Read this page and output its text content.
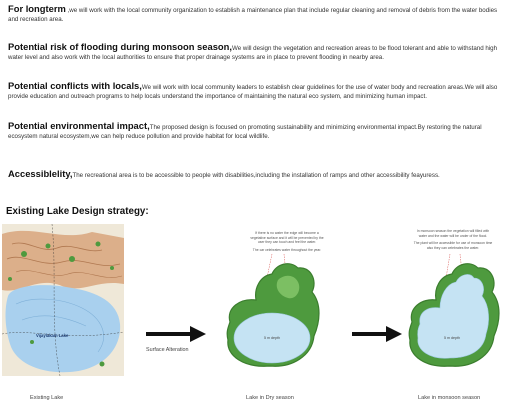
For longterm ,we will work with the local community organization to establish a maintenance plan that include regular cleaning and removal of debris from the water bodies and recreation area.
Potential risk of flooding during monsoon season,We will design the vegetation and recreation areas to be flood tolerant and able to withstand high water level and also work with the local authorities to ensure that proper drainage systems are in place to prevent flooding in nearby area.
Potential conflicts with locals,We will work with local community leaders to establish clear guidelines for the use of water body and recreation areas.We will also provide education and outreach programs to help locals understand the importance of maintaining the natural eco system, and minimizing human impact.
Potential environmental impact,The proposed design is focused on promoting sustainability and minimizing environmental impact.By restoring the natural ecosystem natural ecosystem,we can help reduce pollution and provide habitat for local wildlife.
Accessiblelity,The recreational area is to be accessible to people with disabilities,including the installation of ramps and other accessibility feayuress.
Existing Lake Design strategy:
Vijaylakam Lake
Surface Alteration
If there is no water the edge will become a
vegetative surface and it will be prevented by the
user they can touch and feel the water.
The car celebrates water throughout the year.
5 m depth
In monsoon season the vegetation will filled with
water and the water will be under of the flood.
The plant will be accessible for use of monsoon time
also they can celebrates the water.
5 m depth
Existing Lake	Lake in Dry season	Lake in monsoon season
